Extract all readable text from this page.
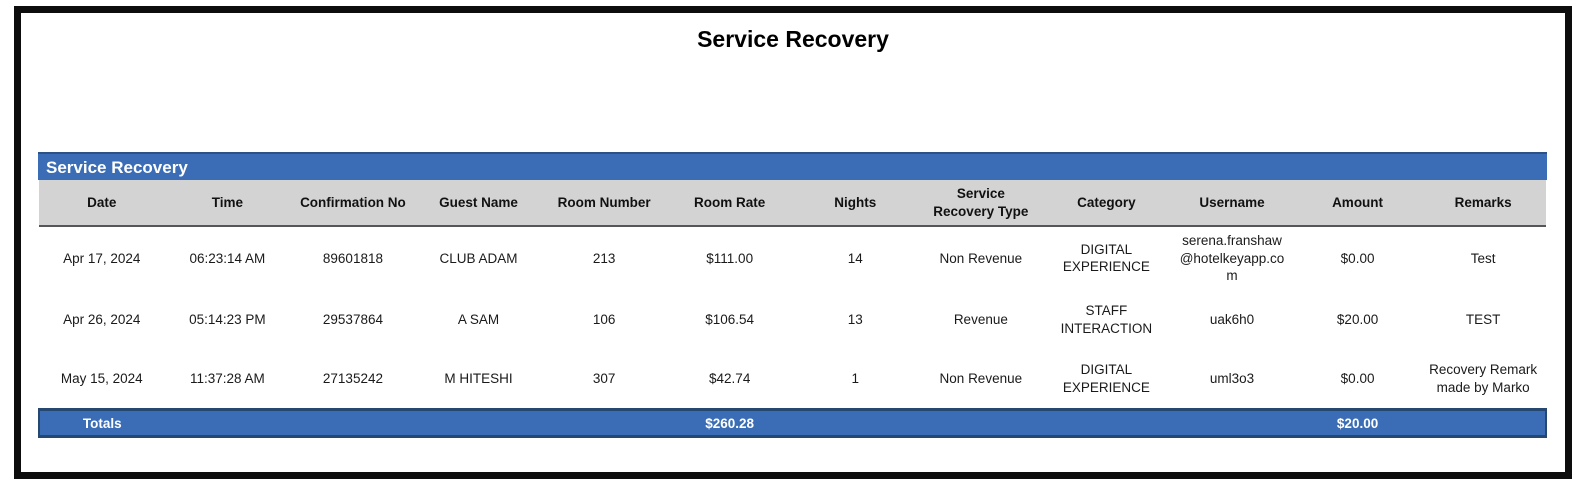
Service Recovery
Service Recovery
Date	Time	Confirmation No	Guest Name	Room Number	Room Rate	Nights	Service Recovery Type	Category	Username	Amount	Remarks
Apr 17, 2024	06:23:14 AM	89601818	CLUB ADAM	213	$111.00	14	Non Revenue	DIGITAL EXPERIENCE	serena.franshaw@hotelkeyapp.com	$0.00	Test
Apr 26, 2024	05:14:23 PM	29537864	A SAM	106	$106.54	13	Revenue	STAFF INTERACTION	uak6h0	$20.00	TEST
May 15, 2024	11:37:28 AM	27135242	M HITESHI	307	$42.74	1	Non Revenue	DIGITAL EXPERIENCE	uml3o3	$0.00	Recovery Remark made by Marko
Totals					$260.28					$20.00	
